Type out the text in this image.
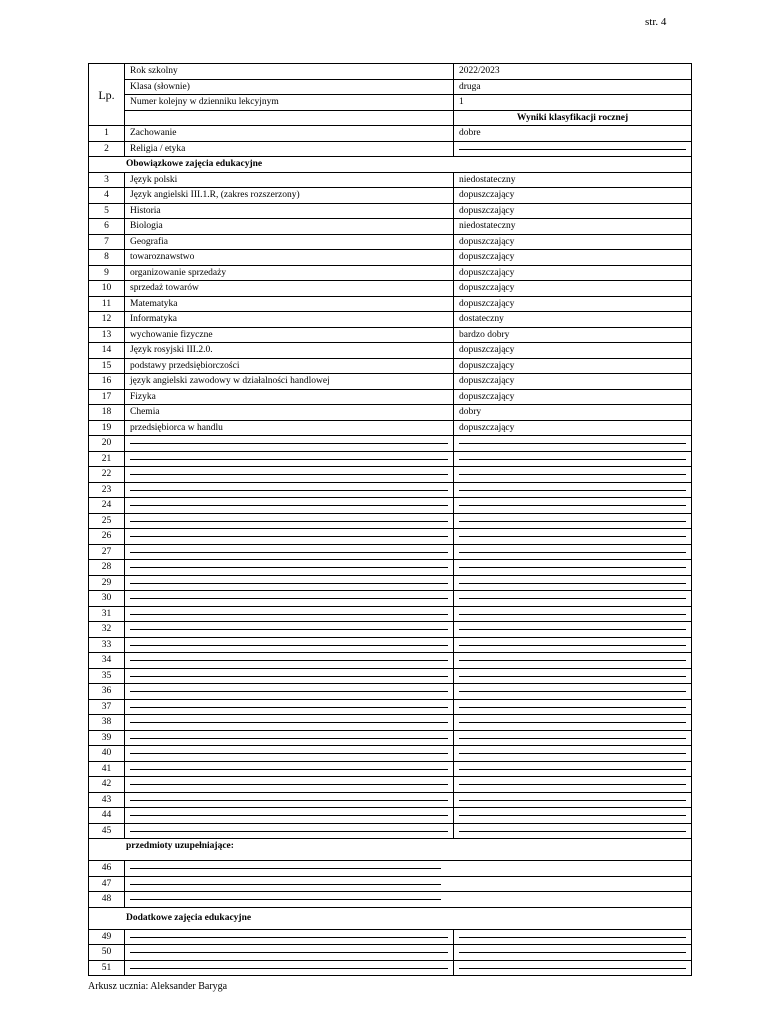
str. 4
Lp.	Rok szkolny	2022/2023
	Klasa (słownie)	druga
	Numer kolejny w dzienniku lekcyjnym	1
		Wyniki klasyfikacji rocznej
1	Zachowanie	dobre
2	Religia / etyka	

Obowiązkowe zajęcia edukacyjne		
3	Język polski	niedostateczny
4	Język angielski III.1.R, (zakres rozszerzony)	dopuszczający
5	Historia	dopuszczający
6	Biologia	niedostateczny
7	Geografia	dopuszczający
8	towaroznawstwo	dopuszczający
9	organizowanie sprzedaży	dopuszczający
10	sprzedaż towarów	dopuszczający
11	Matematyka	dopuszczający
12	Informatyka	dostateczny
13	wychowanie fizyczne	bardzo dobry
14	Język rosyjski III.2.0.	dopuszczający
15	podstawy przedsiębiorczości	dopuszczający
16	język angielski zawodowy w działalności handlowej	dopuszczający
17	Fizyka	dopuszczający
18	Chemia	dobry
19	przedsiębiorca w handlu	dopuszczający
20	

21	

22	

23	

24	

25	

26	

27	

28	

29	

30	

31	

32	

33	

34	

35	

36	

37	

38	

39	

40	

41	

42	

43	

44	

45	

przedmioty uzupełniające:		
46		

47		

48		

Dodatkowe zajęcia edukacyjne		
49	

50	

51	

Arkusz ucznia: Aleksander Baryga
